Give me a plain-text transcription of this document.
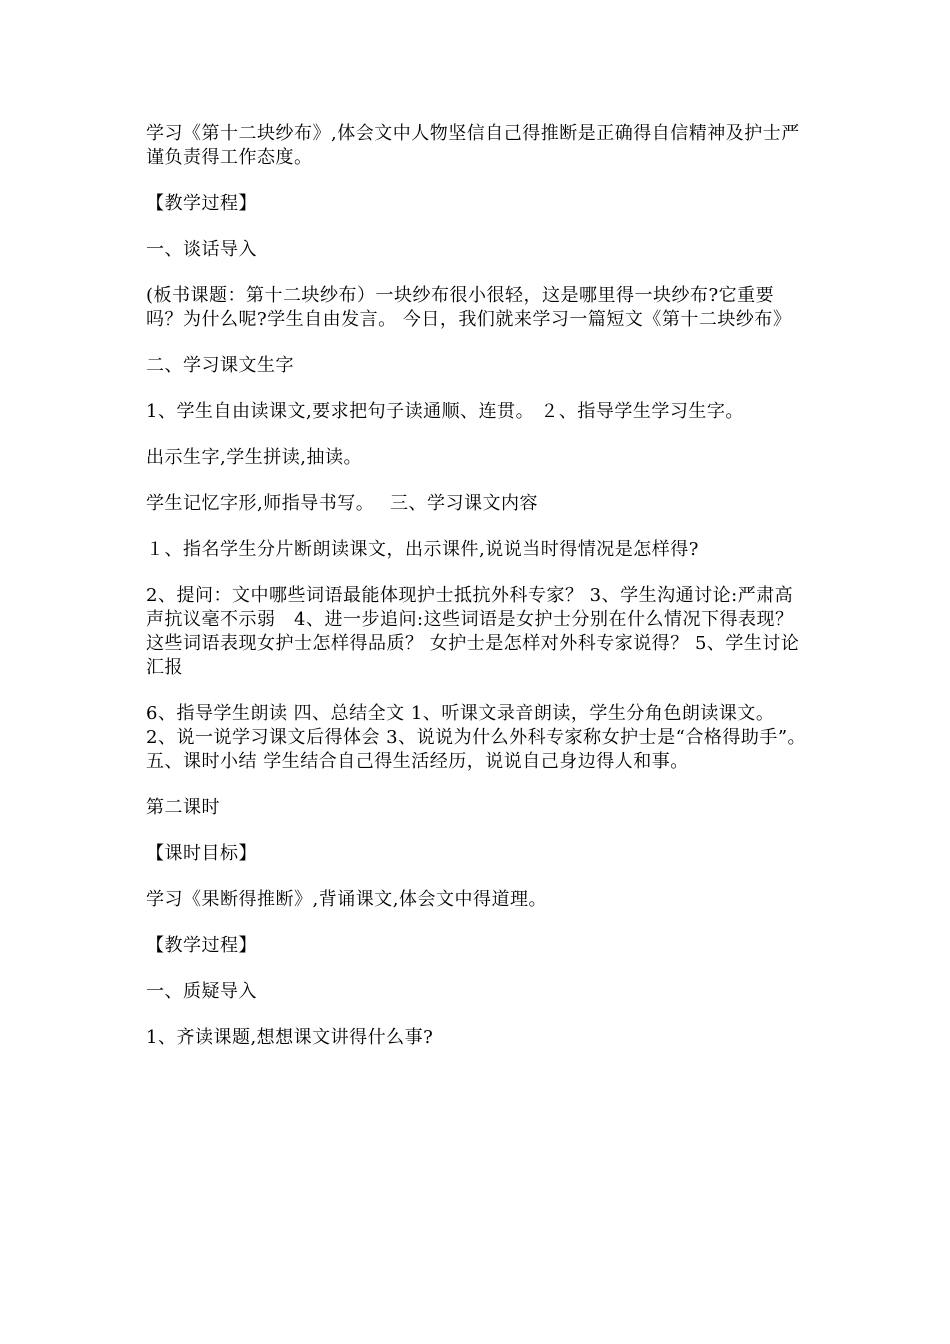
学习《第十二块纱布》,体会文中人物坚信自己得推断是正确得自信精神及护士严谨负责得工作态度。

【教学过程】

一、谈话导入

(板书课题：第十二块纱布）一块纱布很小很轻，这是哪里得一块纱布?它重要吗？为什么呢?学生自由发言。 今日，我们就来学习一篇短文《第十二块纱布》

二、学习课文生字

1、学生自由读课文,要求把句子读通顺、连贯。 ２、指导学生学习生字。

出示生字,学生拼读,抽读。

学生记忆字形,师指导书写。　 三、学习课文内容

１、指名学生分片断朗读课文，出示课件,说说当时得情况是怎样得?

2、提问：文中哪些词语最能体现护士抵抗外科专家？ 3、学生沟通讨论:严肃高声抗议毫不示弱　4、进一步追问:这些词语是女护士分别在什么情况下得表现？这些词语表现女护士怎样得品质？ 女护士是怎样对外科专家说得？ 5、学生讨论汇报

6、指导学生朗读 四、总结全文 1、听课文录音朗读，学生分角色朗读课文。 2、说一说学习课文后得体会 3、说说为什么外科专家称女护士是“合格得助手”。 五、课时小结 学生结合自己得生活经历，说说自己身边得人和事。

第二课时

【课时目标】

学习《果断得推断》,背诵课文,体会文中得道理。

【教学过程】

一、质疑导入

1、齐读课题,想想课文讲得什么事?
